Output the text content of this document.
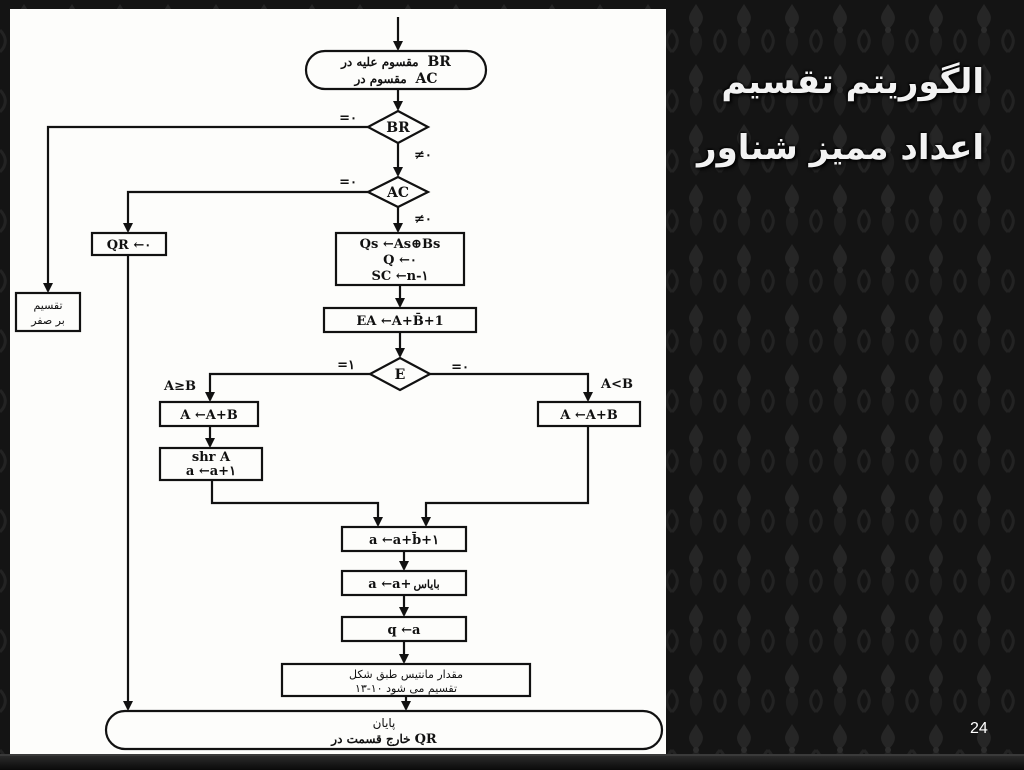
مقسوم علیه در BR
مقسوم در AC
BR
=۰
≠۰
AC
=۰
≠۰
QR ←۰
تقسیم
بر صفر
Qs ←As⊕Bs
Q ←۰
SC ←n-۱
EA ←A+B̄+1
E
=۱	=۰
A≥B	A<B
A ←A+B
shr A
a ←a+۱
A ←A+B
a ←a+b̄+۱
a ←a+ بایاس
q ←a
مقدار مانتیس طبق شکل
۱۳-۱۰ تقسیم می شود
پایان
خارج قسمت در QR
الگوریتم تقسیم
اعداد ممیز شناور
24
